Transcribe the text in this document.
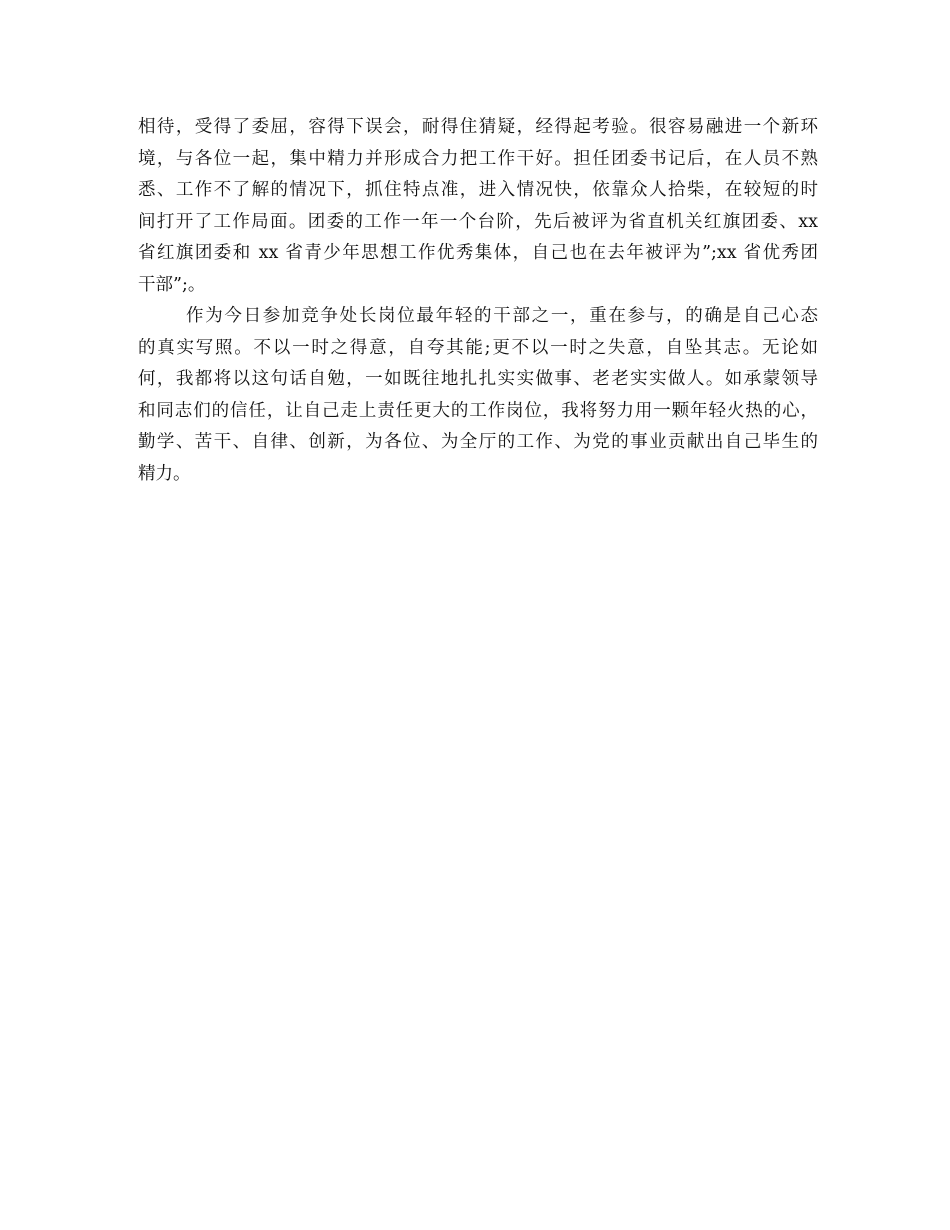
相待，受得了委屈，容得下误会，耐得住猜疑，经得起考验。很容易融进一个新环
境，与各位一起，集中精力并形成合力把工作干好。担任团委书记后，在人员不熟
悉、工作不了解的情况下，抓住特点准，进入情况快，依靠众人拾柴，在较短的时
间打开了工作局面。团委的工作一年一个台阶，先后被评为省直机关红旗团委、xx
省红旗团委和 xx 省青少年思想工作优秀集体，自己也在去年被评为”;xx 省优秀团
干部”;。
作为今日参加竞争处长岗位最年轻的干部之一，重在参与，的确是自己心态
的真实写照。不以一时之得意，自夸其能;更不以一时之失意，自坠其志。无论如
何，我都将以这句话自勉，一如既往地扎扎实实做事、老老实实做人。如承蒙领导
和同志们的信任，让自己走上责任更大的工作岗位，我将努力用一颗年轻火热的心，
勤学、苦干、自律、创新，为各位、为全厅的工作、为党的事业贡献出自己毕生的
精力。
